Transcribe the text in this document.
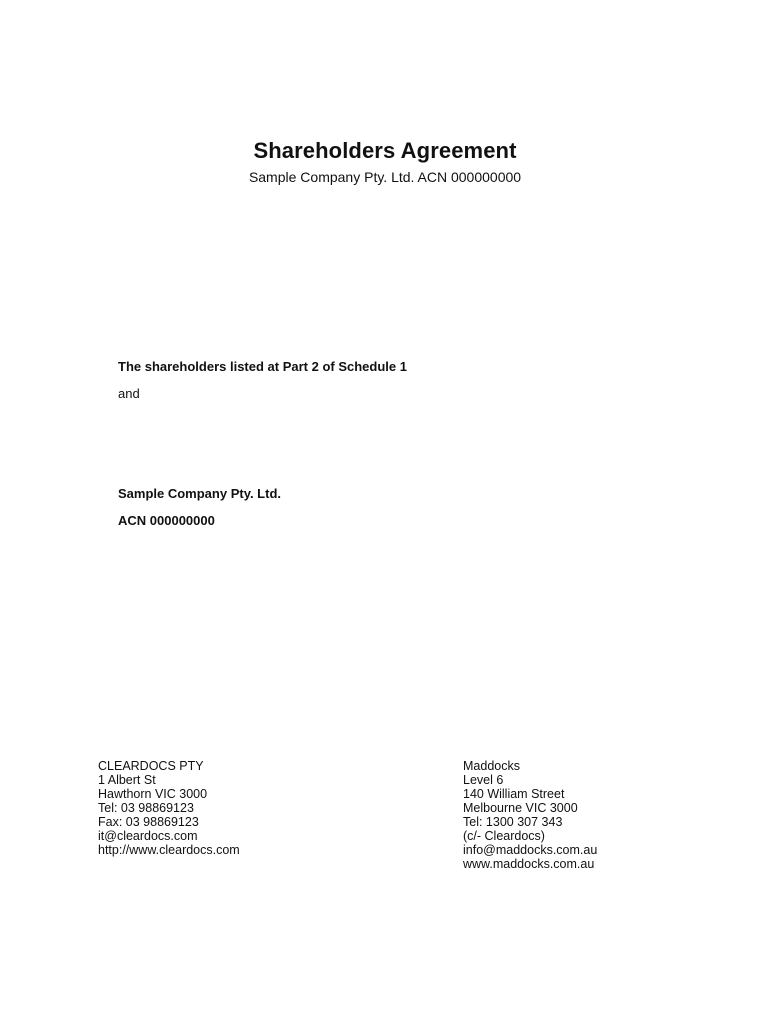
Shareholders Agreement

Sample Company Pty. Ltd. ACN 000000000

The shareholders listed at Part 2 of Schedule 1

and

Sample Company Pty. Ltd.

ACN 000000000

CLEARDOCS PTY
1 Albert St
Hawthorn VIC 3000
Tel: 03 98869123
Fax: 03 98869123
it@cleardocs.com
http://www.cleardocs.com
Maddocks
Level 6
140 William Street
Melbourne VIC 3000
Tel: 1300 307 343
(c/- Cleardocs)
info@maddocks.com.au
www.maddocks.com.au
